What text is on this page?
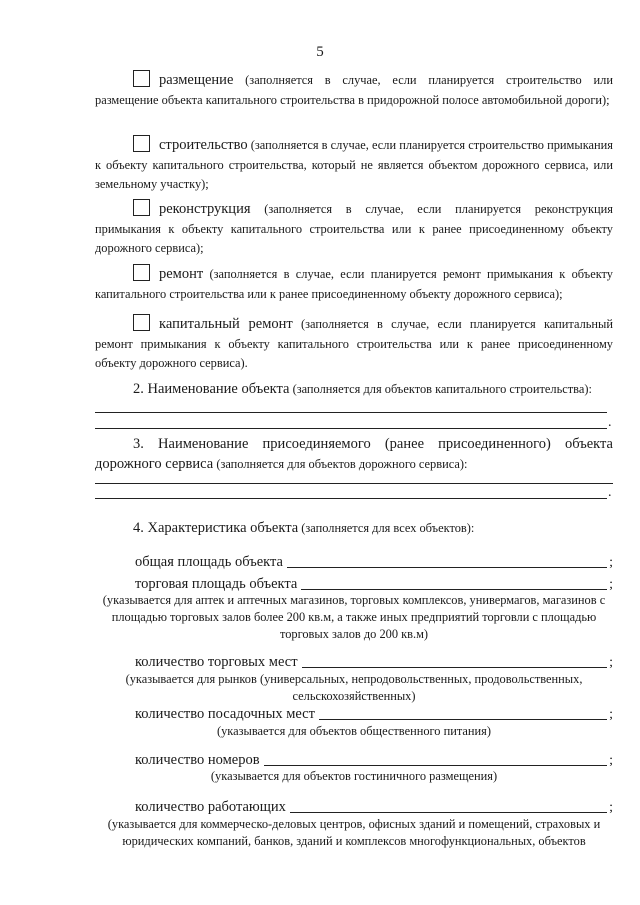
5
размещение (заполняется в случае, если планируется строительство или размещение объекта капитального строительства в придорожной полосе автомобильной дороги);
строительство (заполняется в случае, если планируется строительство примыкания к объекту капитального строительства, который не является объектом дорожного сервиса, или земельному участку);
реконструкция (заполняется в случае, если планируется реконструкция примыкания к объекту капитального строительства или к ранее присоединенному объекту дорожного сервиса);
ремонт (заполняется в случае, если планируется ремонт примыкания к объекту капитального строительства или к ранее присоединенному объекту дорожного сервиса);
капитальный ремонт (заполняется в случае, если планируется капитальный ремонт примыкания к объекту капитального строительства или к ранее присоединенному объекту дорожного сервиса).
2. Наименование объекта (заполняется для объектов капитального строительства):
.
3. Наименование присоединяемого (ранее присоединенного) объекта дорожного сервиса (заполняется для объектов дорожного сервиса):
.
4. Характеристика объекта (заполняется для всех объектов):
общая площадь объекта	;
торговая площадь объекта	;
(указывается для аптек и аптечных магазинов, торговых комплексов, универмагов, магазинов с площадью торговых залов более 200 кв.м, а также иных предприятий торговли с площадью торговых залов до 200 кв.м)
количество торговых мест	;
(указывается для рынков (универсальных, непродовольственных, продовольственных, сельскохозяйственных)
количество посадочных мест	;
(указывается для объектов общественного питания)
количество номеров	;
(указывается для объектов гостиничного размещения)
количество работающих	;
(указывается для коммерческо-деловых центров, офисных зданий и помещений, страховых и юридических компаний, банков, зданий и комплексов многофункциональных, объектов
